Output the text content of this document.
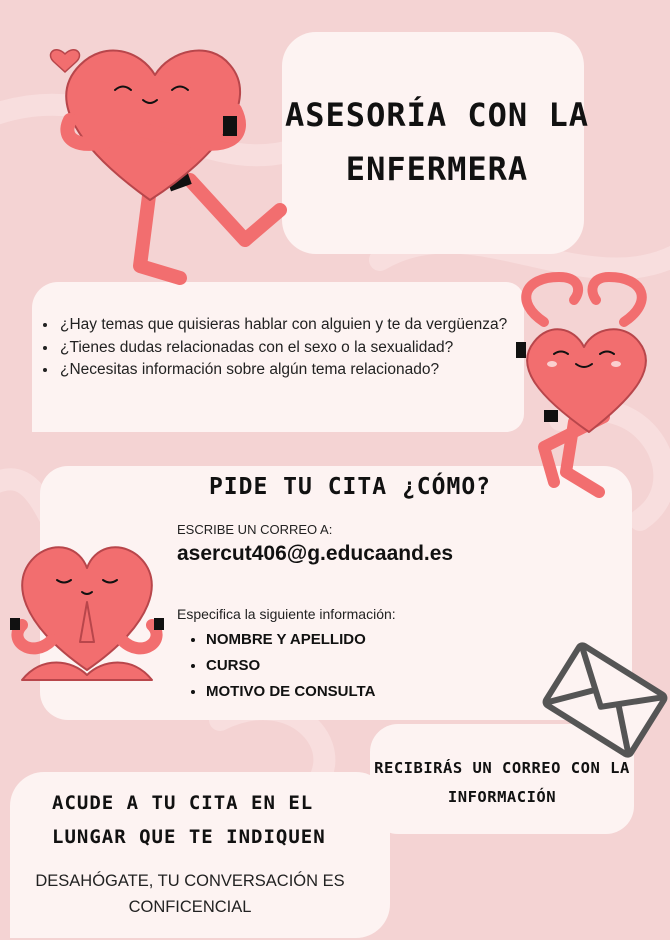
ASESORÍA CON LA ENFERMERA
• ¿Hay temas que quisieras hablar con alguien y te da vergüenza?
• ¿Tienes dudas relacionadas con el sexo o la sexualidad?
• ¿Necesitas información sobre algún tema relacionado?
PIDE TU CITA ¿CÓMO?
ESCRIBE UN CORREO A:
asercut406@g.educaand.es
Especifica la siguiente información:
• NOMBRE Y APELLIDO
• CURSO
• MOTIVO DE CONSULTA
RECIBIRÁS UN CORREO CON LA INFORMACIÓN
ACUDE A TU CITA EN EL LUNGAR QUE TE INDIQUEN
DESAHÓGATE, TU CONVERSACIÓN ES CONFICENCIAL
